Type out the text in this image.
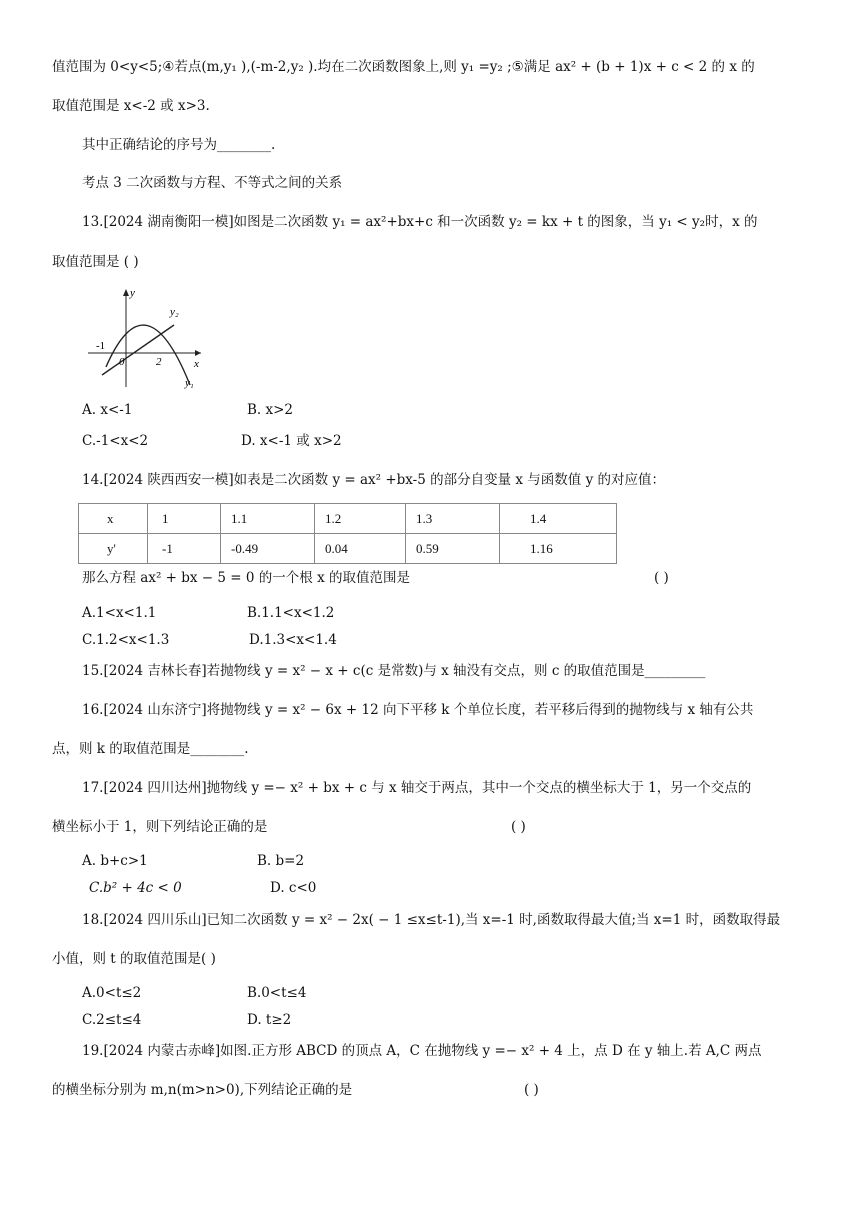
值范围为 0<y<5;④若点(m,y₁ ),(-m-2,y₂ ).均在二次函数图象上,则 y₁ =y₂ ;⑤满足 ax² + (b + 1)x + c < 2 的 x 的
取值范围是 x<-2 或 x>3.
其中正确结论的序号为________.
考点 3 二次函数与方程、不等式之间的关系
13.[2024 湖南衡阳一模]如图是二次函数 y₁ = ax²+bx+c 和一次函数 y₂ = kx + t 的图象，当 y₁ < y₂时，x 的
取值范围是 ( )
y
x
0
-1
2
y₂
y₁
A. x<-1	B. x>2
C.-1<x<2	D. x<-1 或 x>2
14.[2024 陕西西安一模]如表是二次函数 y = ax² +bx-5 的部分自变量 x 与函数值 y 的对应值：
x	1	1.1	1.2	1.3	1.4
y'	-1	-0.49	0.04	0.59	1.16
那么方程 ax² + bx − 5 = 0 的一个根 x 的取值范围是	( )
A.1<x<1.1	B.1.1<x<1.2
C.1.2<x<1.3	D.1.3<x<1.4
15.[2024 吉林长春]若抛物线 y = x² − x + c(c 是常数)与 x 轴没有交点，则 c 的取值范围是_________
16.[2024 山东济宁]将抛物线 y = x² − 6x + 12 向下平移 k 个单位长度，若平移后得到的抛物线与 x 轴有公共
点，则 k 的取值范围是________.
17.[2024 四川达州]抛物线 y =− x² + bx + c 与 x 轴交于两点，其中一个交点的横坐标大于 1，另一个交点的
横坐标小于 1，则下列结论正确的是	( )
A. b+c>1	B. b=2
C.b² + 4c < 0	D. c<0
18.[2024 四川乐山]已知二次函数 y = x² − 2x( − 1 ≤x≤t-1),当 x=-1 时,函数取得最大值;当 x=1 时，函数取得最
小值，则 t 的取值范围是( )
A.0<t≤2	B.0<t≤4
C.2≤t≤4	D. t≥2
19.[2024 内蒙古赤峰]如图.正方形 ABCD 的顶点 A，C 在抛物线 y =− x² + 4 上，点 D 在 y 轴上.若 A,C 两点
的横坐标分别为 m,n(m>n>0),下列结论正确的是	( )
